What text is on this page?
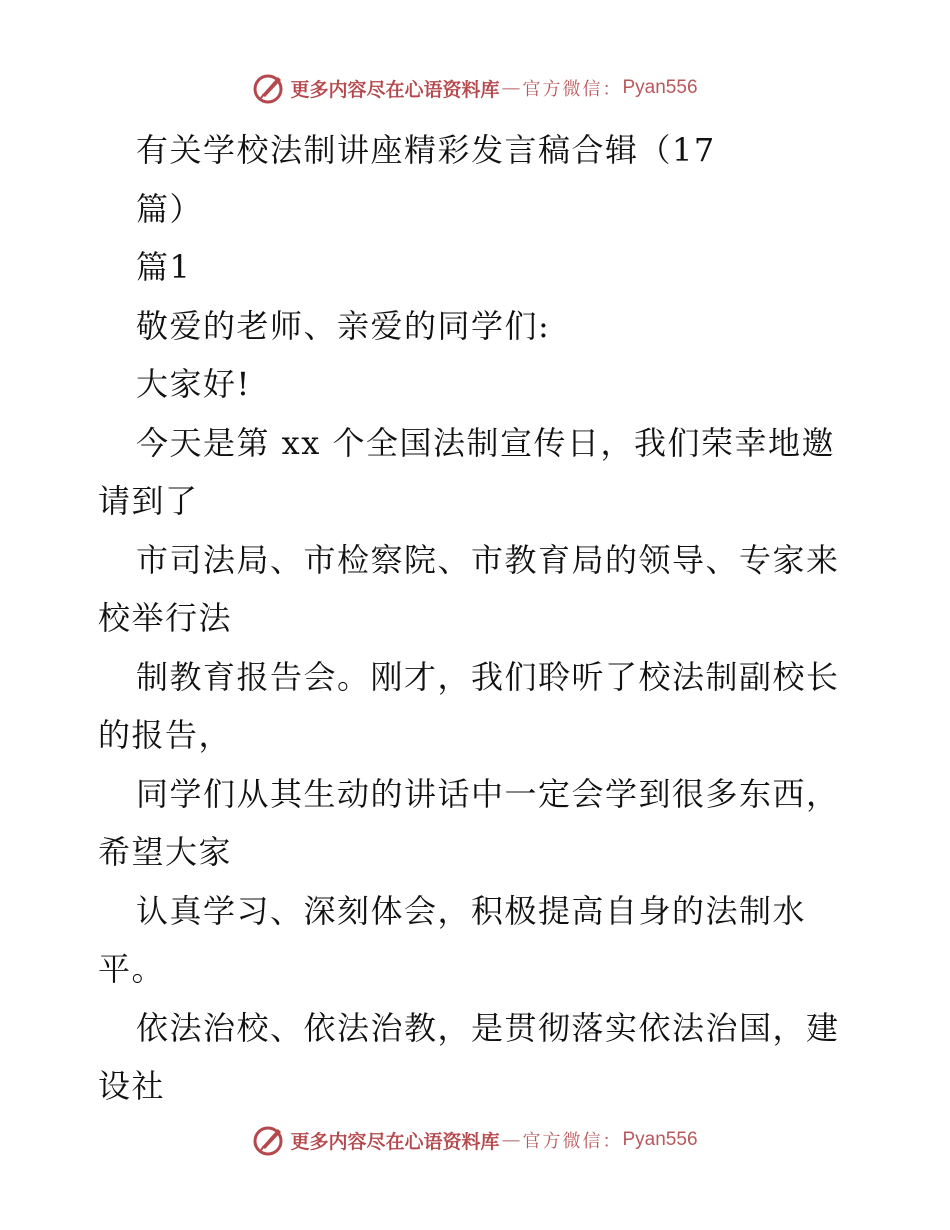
更多内容尽在心语资料库 — 官方微信： Pyan556
有关学校法制讲座精彩发言稿合辑（17
篇）
篇1
敬爱的老师、亲爱的同学们:
大家好!
今天是第 xx 个全国法制宣传日，我们荣幸地邀
请到了
市司法局、市检察院、市教育局的领导、专家来
校举行法
制教育报告会。刚才，我们聆听了校法制副校长
的报告，
同学们从其生动的讲话中一定会学到很多东西，
希望大家
认真学习、深刻体会，积极提高自身的法制水
平。
依法治校、依法治教，是贯彻落实依法治国，建
设社
更多内容尽在心语资料库 — 官方微信： Pyan556
